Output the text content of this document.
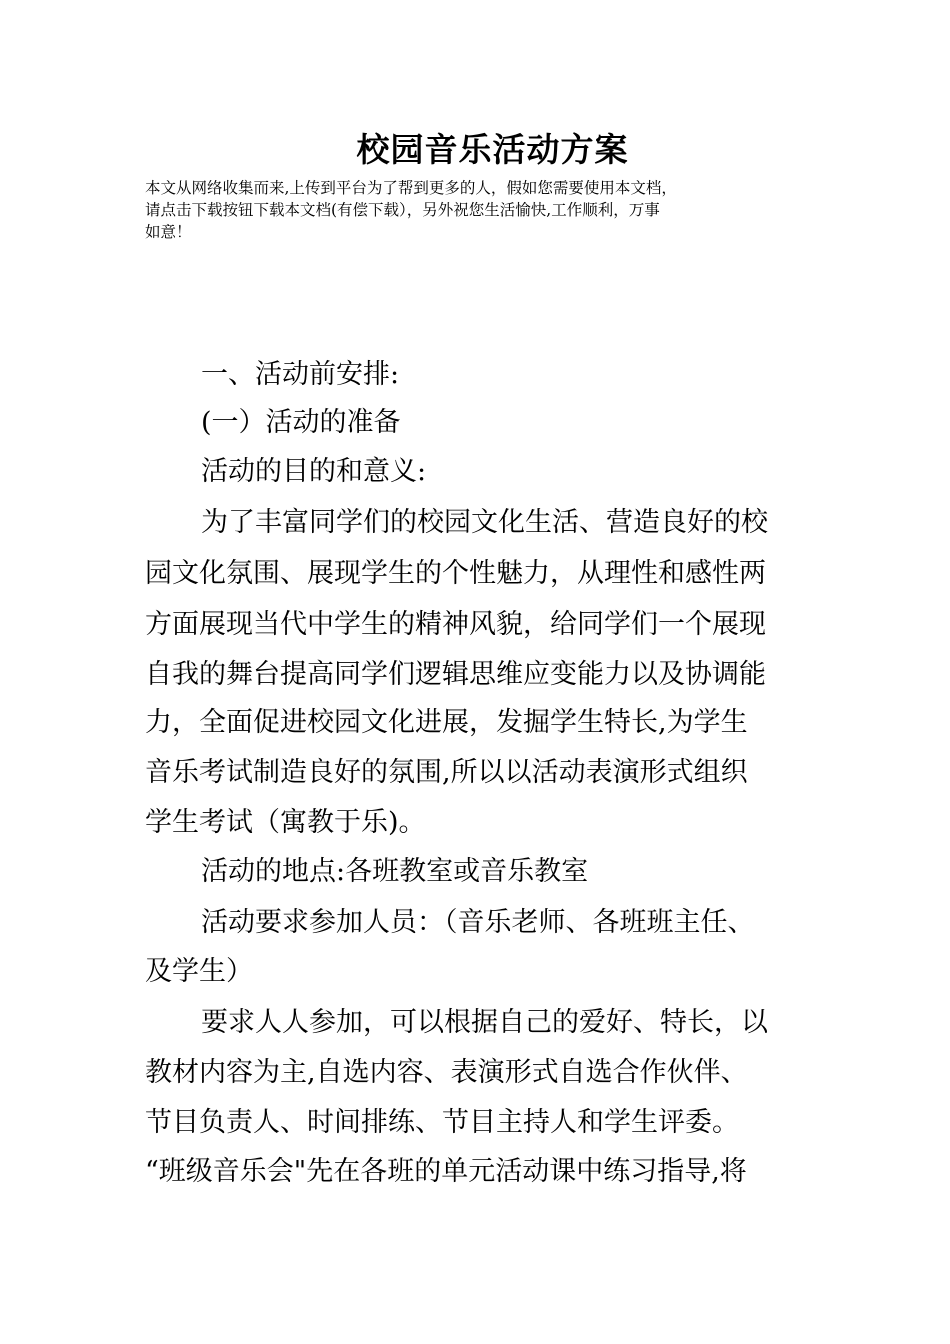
校园音乐活动方案
本文从网络收集而来,上传到平台为了帮到更多的人，假如您需要使用本文档，
请点击下载按钮下载本文档(有偿下载），另外祝您生活愉快,工作顺利，万事
如意！
一、活动前安排:
(一）活动的准备
活动的目的和意义:
为了丰富同学们的校园文化生活、营造良好的校
园文化氛围、展现学生的个性魅力，从理性和感性两
方面展现当代中学生的精神风貌，给同学们一个展现
自我的舞台提高同学们逻辑思维应变能力以及协调能
力，全面促进校园文化进展，发掘学生特长,为学生
音乐考试制造良好的氛围,所以以活动表演形式组织
学生考试（寓教于乐)。
活动的地点:各班教室或音乐教室
活动要求参加人员：（音乐老师、各班班主任、
及学生）
要求人人参加，可以根据自己的爱好、特长，以
教材内容为主,自选内容、表演形式自选合作伙伴、
节目负责人、时间排练、节目主持人和学生评委。
“班级音乐会"先在各班的单元活动课中练习指导,将
